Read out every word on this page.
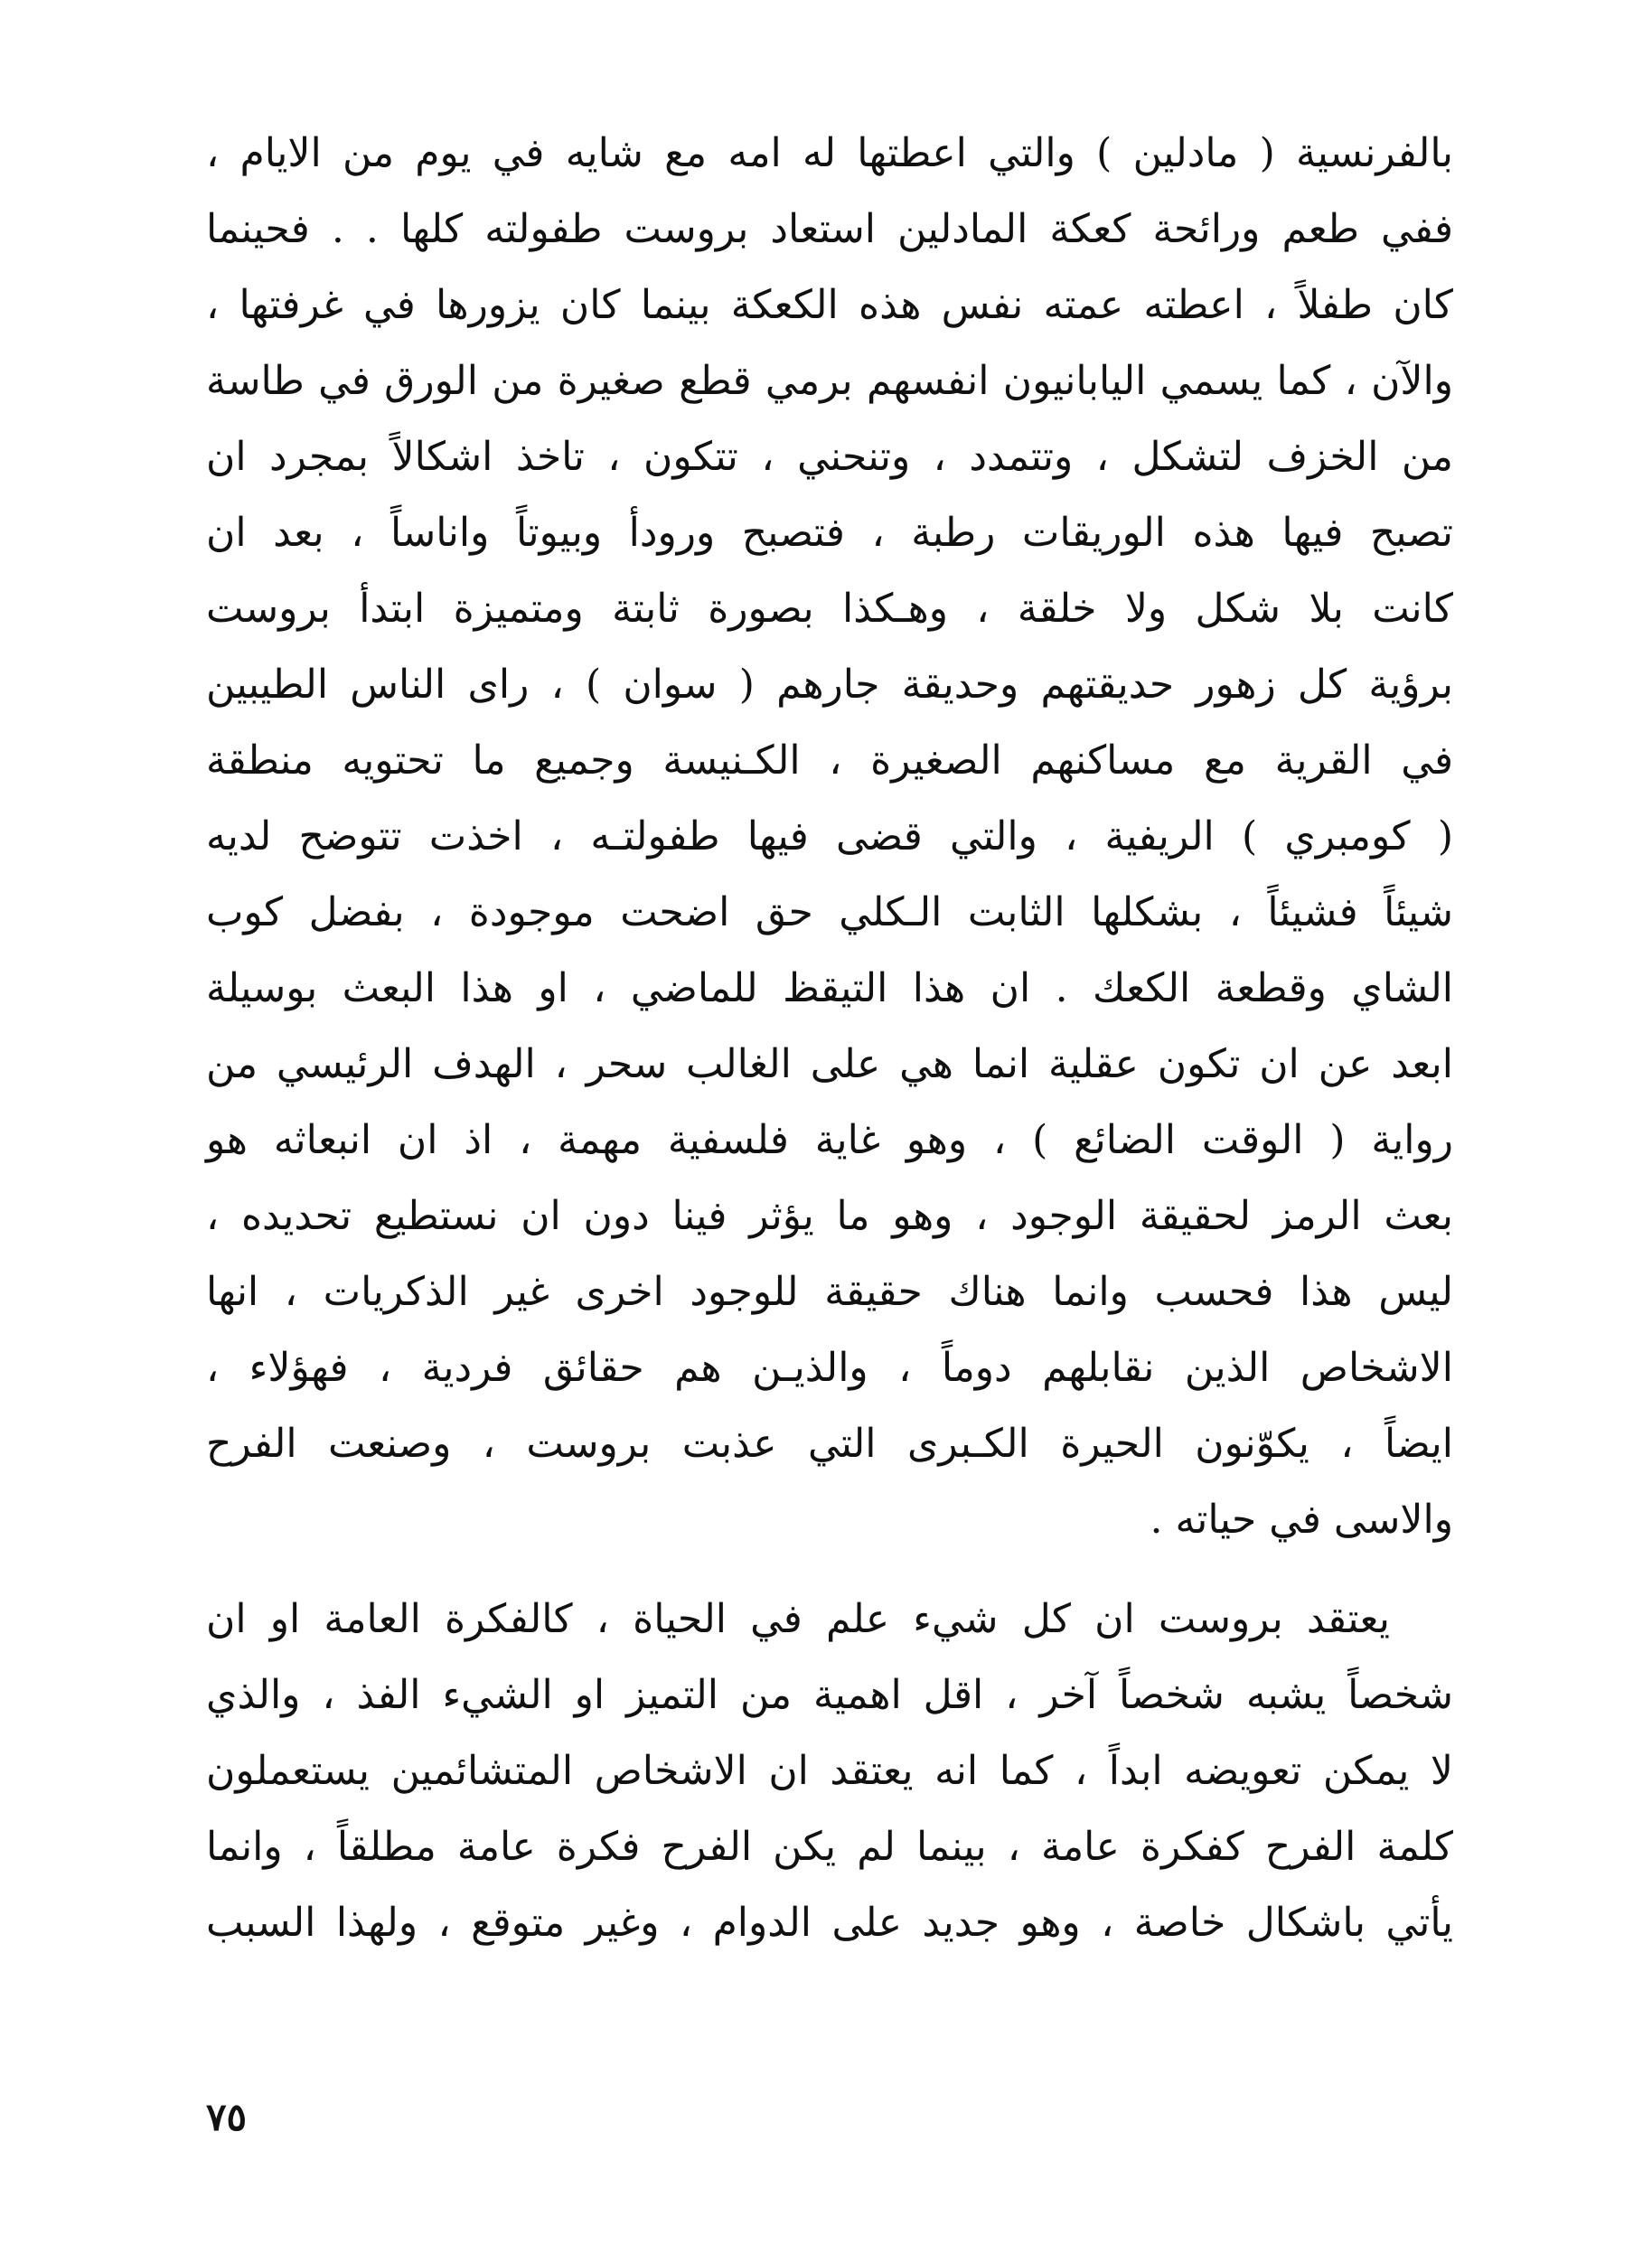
بالفرنسية ( مادلين ) والتي اعطتها له امه مع شايه في يوم من الايام ،
ففي طعم ورائحة كعكة المادلين استعاد بروست طفولته كلها . . فحينما
كان طفلاً ، اعطته عمته نفس هذه الكعكة بينما كان يزورها في غرفتها ،
والآن ، كما يسمي اليابانيون انفسهم برمي قطع صغيرة من الورق في طاسة
من الخزف لتشكل ، وتتمدد ، وتنحني ، تتكون ، تاخذ اشكالاً بمجرد ان
تصبح فيها هذه الوريقات رطبة ، فتصبح ورودأ وبيوتاً واناساً ، بعد ان
كانت بلا شكل ولا خلقة ، وهـكذا بصورة ثابتة ومتميزة ابتدأ بروست
برؤية كل زهور حديقتهم وحديقة جارهم ( سوان ) ، راى الناس الطيبين
في القرية مع مساكنهم الصغيرة ، الكـنيسة وجميع ما تحتويه منطقة
( كومبري ) الريفية ، والتي قضى فيها طفولتـه ، اخذت تتوضح لديه
شيئاً فشيئاً ، بشكلها الثابت الـكلي حق اضحت موجودة ، بفضل كوب
الشاي وقطعة الكعك . ان هذا التيقظ للماضي ، او هذا البعث بوسيلة
ابعد عن ان تكون عقلية انما هي على الغالب سحر ، الهدف الرئيسي من
رواية ( الوقت الضائع ) ، وهو غاية فلسفية مهمة ، اذ ان انبعاثه هو
بعث الرمز لحقيقة الوجود ، وهو ما يؤثر فينا دون ان نستطيع تحديده ،
ليس هذا فحسب وانما هناك حقيقة للوجود اخرى غير الذكريات ، انها
الاشخاص الذين نقابلهم دوماً ، والذيـن هم حقائق فردية ، فهؤلاء ،
ايضاً ، يكوّنون الحيرة الكـبرى التي عذبت بروست ، وصنعت الفرح
والاسى في حياته .
يعتقد بروست ان كل شيء علم في الحياة ، كالفكرة العامة او ان
شخصاً يشبه شخصاً آخر ، اقل اهمية من التميز او الشيء الفذ ، والذي
لا يمكن تعويضه ابداً ، كما انه يعتقد ان الاشخاص المتشائمين يستعملون
كلمة الفرح كفكرة عامة ، بينما لم يكن الفرح فكرة عامة مطلقاً ، وانما
يأتي باشكال خاصة ، وهو جديد على الدوام ، وغير متوقع ، ولهذا السبب
٧٥
